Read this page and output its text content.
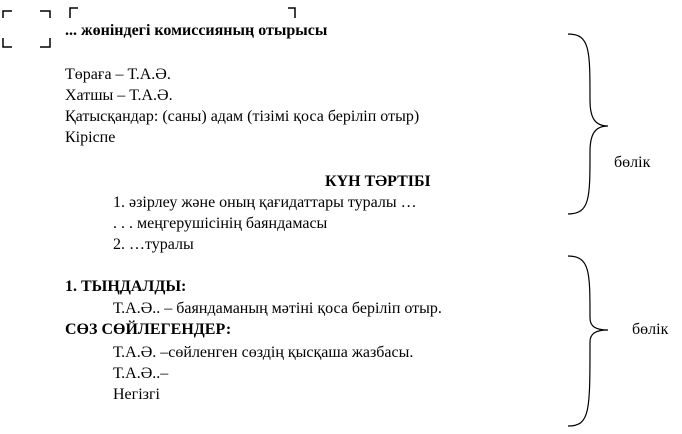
... жөніндегі комиссияның отырысы
Төраға – Т.А.Ә.
Хатшы – Т.А.Ә.
Қатысқандар: (саны) адам (тізімі қоса беріліп отыр)
Кіріспе
КҮН ТӘРТІБІ
1. әзірлеу және оның қағидаттары туралы …
. . . меңгерушісінің баяндамасы
2. …туралы
1. ТЫҢДАЛДЫ:
Т.А.Ә.. – баяндаманың мәтіні қоса беріліп отыр.
СӨЗ СӨЙЛЕГЕНДЕР:
Т.А.Ә. –сөйленген сөздің қысқаша жазбасы.
Т.А.Ә..–
Негізгі
бөлік
бөлік
